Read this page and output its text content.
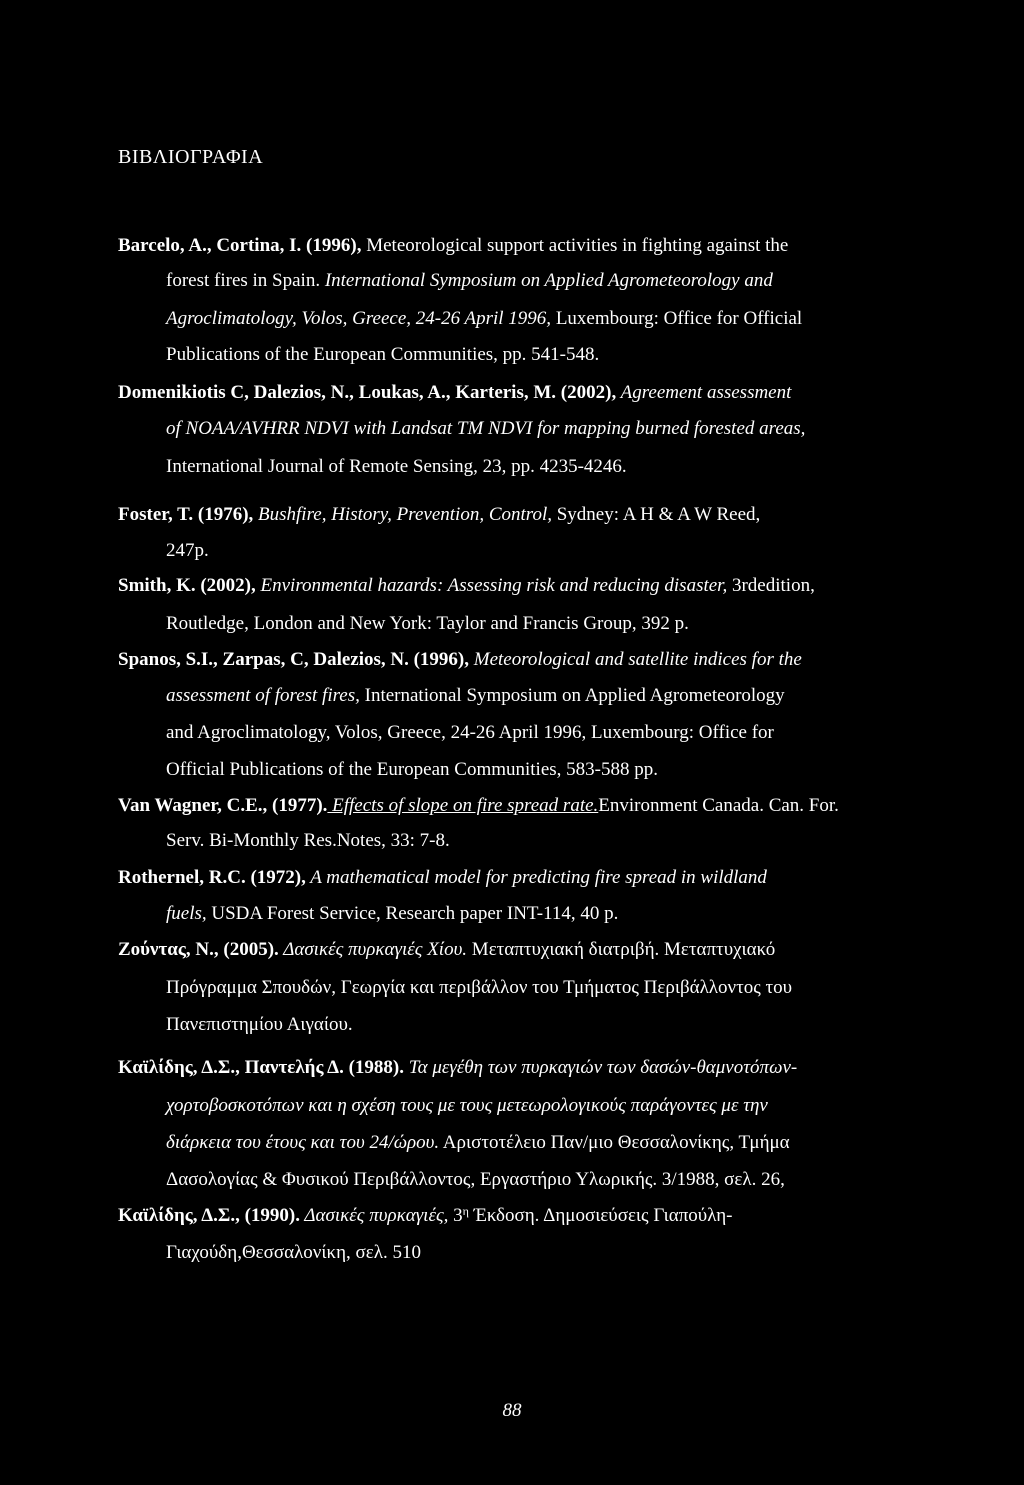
ΒΙΒΛΙΟΓΡΑΦΙΑ
Barcelo, A., Cortina, I. (1996), Meteorological support activities in fighting against the
forest fires in Spain. International Symposium on Applied Agrometeorology and
Agroclimatology, Volos, Greece, 24-26 April 1996, Luxembourg: Office for Official
Publications of the European Communities, pp. 541-548.
Domenikiotis C, Dalezios, N., Loukas, A., Karteris, M. (2002), Agreement assessment
of NOAA/AVHRR NDVI with Landsat TM NDVI for mapping burned forested areas,
International Journal of Remote Sensing, 23, pp. 4235-4246.
Foster, T. (1976), Bushfire, History, Prevention, Control, Sydney: A H & A W Reed,
247p.
Smith, K. (2002), Environmental hazards: Assessing risk and reducing disaster, 3rdedition,
Routledge, London and New York: Taylor and Francis Group, 392 p.
Spanos, S.I., Zarpas, C, Dalezios, N. (1996), Meteorological and satellite indices for the
assessment of forest fires, International Symposium on Applied Agrometeorology
and Agroclimatology, Volos, Greece, 24-26 April 1996, Luxembourg: Office for
Official Publications of the European Communities, 583-588 pp.
Van Wagner, C.E., (1977). Effects of slope on fire spread rate.Environment Canada. Can. For.
Serv. Bi-Monthly Res.Notes, 33: 7-8.
Rothernel, R.C. (1972), A mathematical model for predicting fire spread in wildland
fuels, USDA Forest Service, Research paper INT-114, 40 p.
Ζούντας, Ν., (2005). Δασικές πυρκαγιές Χίου. Μεταπτυχιακή διατριβή. Μεταπτυχιακό
Πρόγραμμα Σπουδών, Γεωργία και περιβάλλον του Τμήματος Περιβάλλοντος του
Πανεπιστημίου Αιγαίου.
Καϊλίδης, Δ.Σ., Παντελής Δ. (1988). Τα μεγέθη των πυρκαγιών των δασών-θαμνοτόπων-
χορτοβοσκοτόπων και η σχέση τους με τους μετεωρολογικούς παράγοντες με την
διάρκεια του έτους και του 24/ώρου. Αριστοτέλειο Παν/μιο Θεσσαλονίκης, Τμήμα
Δασολογίας & Φυσικού Περιβάλλοντος, Εργαστήριο Υλωρικής. 3/1988, σελ. 26,
Καϊλίδης, Δ.Σ., (1990). Δασικές πυρκαγιές, $3^\eta$ Έκδοση. Δημοσιεύσεις Γιαπούλη-
Γιαχούδη,Θεσσαλονίκη, σελ. 510
88
